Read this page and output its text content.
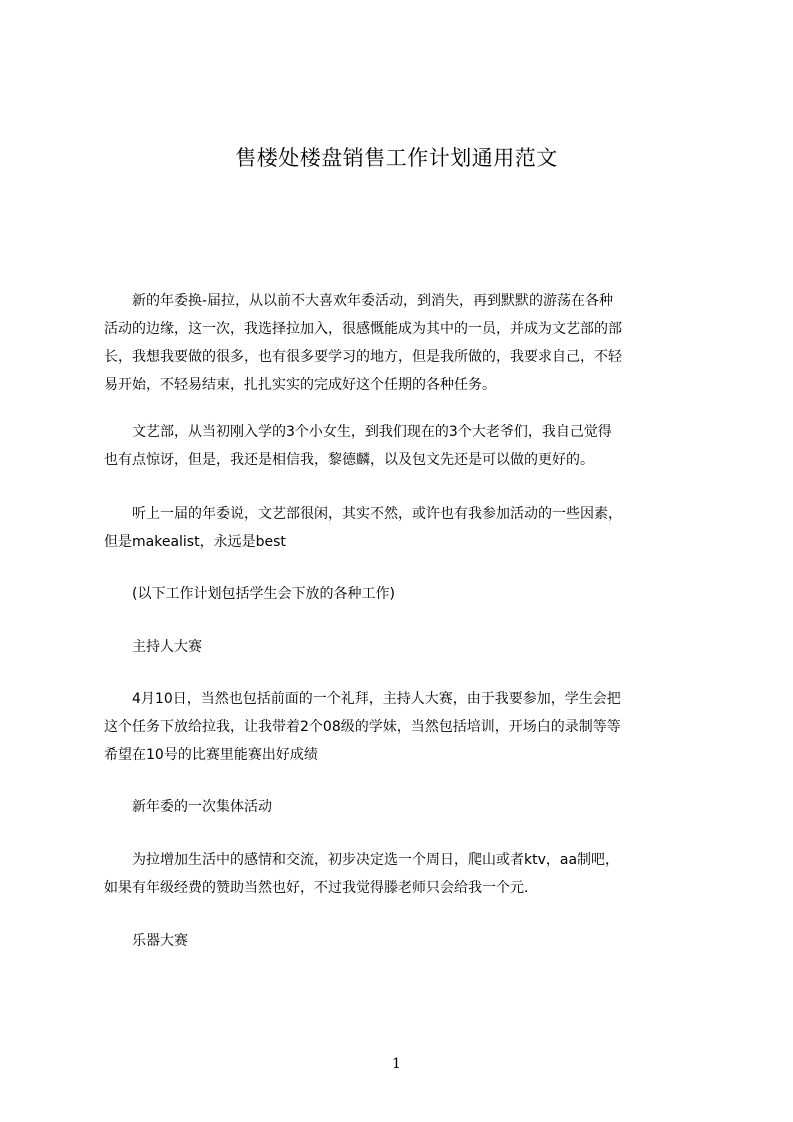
售楼处楼盘销售工作计划通用范文
　　新的年委换-届拉，从以前不大喜欢年委活动，到消失，再到默默的游荡在各种
活动的边缘，这一次，我选择拉加入，很感慨能成为其中的一员，并成为文艺部的部
长，我想我要做的很多，也有很多要学习的地方，但是我所做的，我要求自己，不轻
易开始，不轻易结束，扎扎实实的完成好这个任期的各种任务。
　　文艺部，从当初刚入学的3个小女生，到我们现在的3个大老爷们，我自己觉得
也有点惊讶，但是，我还是相信我，黎德麟，以及包文先还是可以做的更好的。
　　听上一届的年委说，文艺部很闲，其实不然，或许也有我参加活动的一些因素，
但是makealist，永远是best
　　(以下工作计划包括学生会下放的各种工作)
　　主持人大赛
　　4月10日，当然也包括前面的一个礼拜，主持人大赛，由于我要参加，学生会把
这个任务下放给拉我，让我带着2个08级的学妹，当然包括培训，开场白的录制等等
希望在10号的比赛里能赛出好成绩
　　新年委的一次集体活动
　　为拉增加生活中的感情和交流，初步决定选一个周日，爬山或者ktv，aa制吧，
如果有年级经费的赞助当然也好，不过我觉得滕老师只会给我一个元.
　　乐器大赛
1
